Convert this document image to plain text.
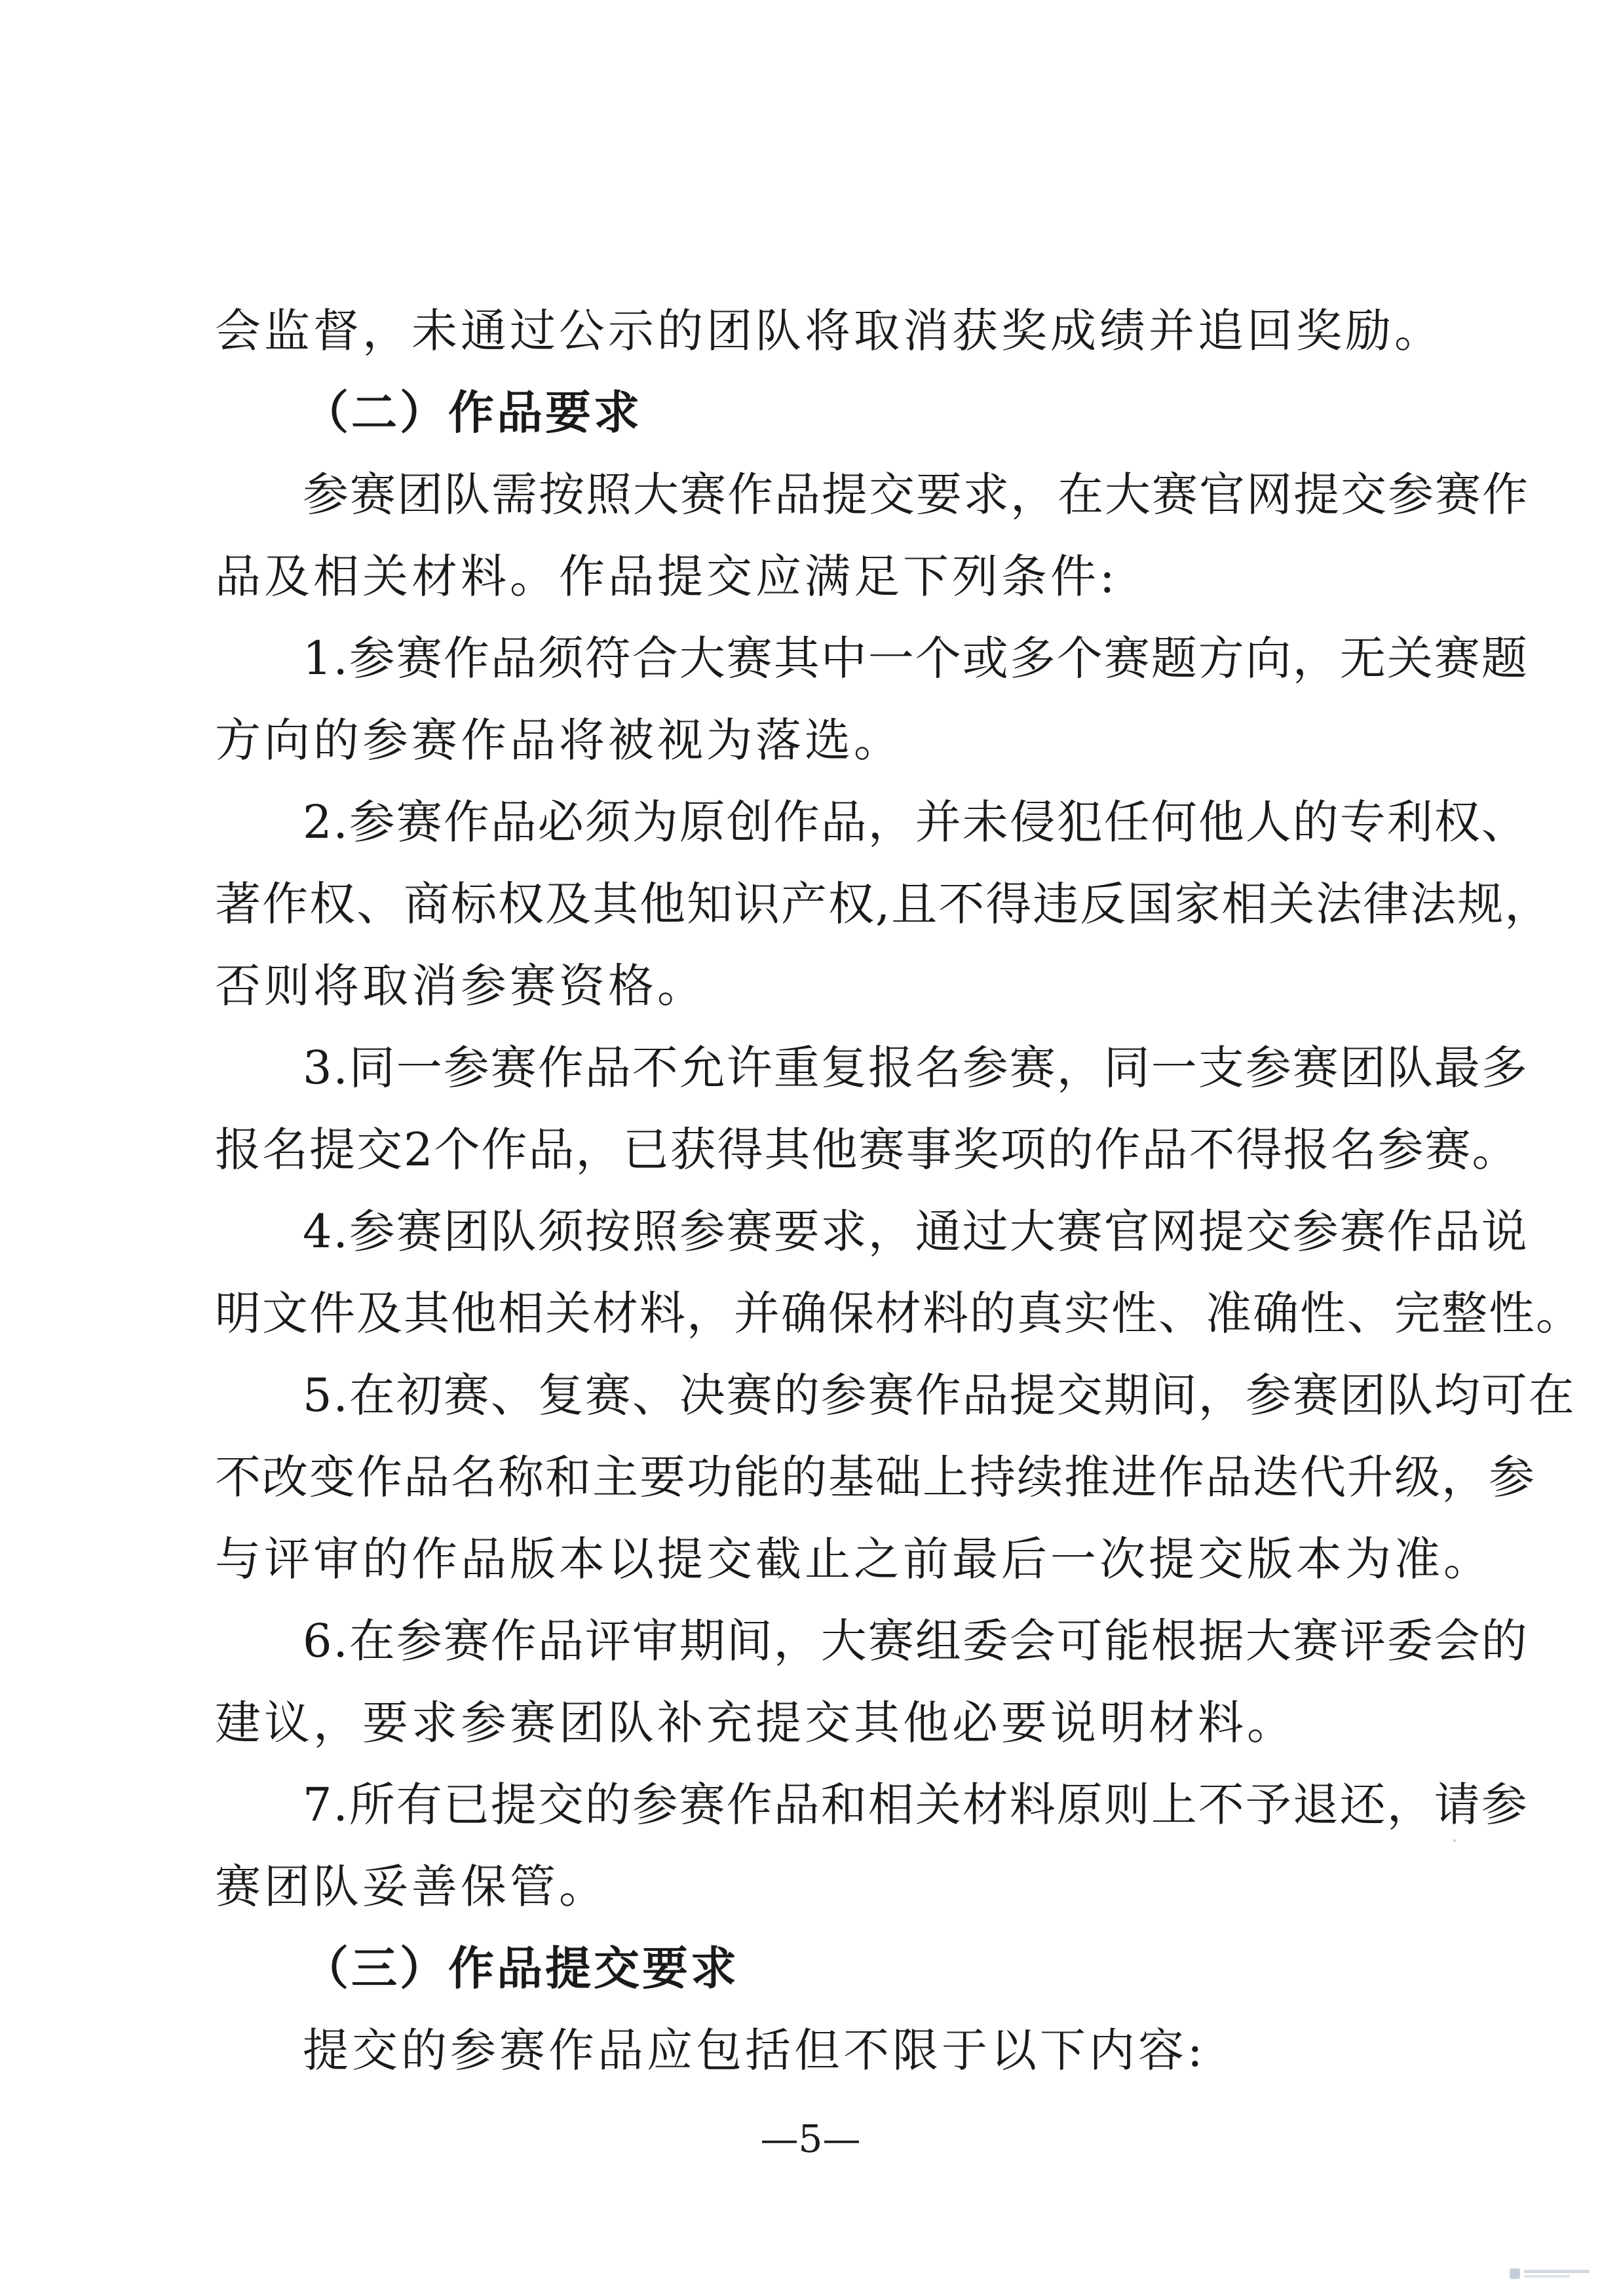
会监督，未通过公示的团队将取消获奖成绩并追回奖励。
（二）作品要求
参赛团队需按照大赛作品提交要求，在大赛官网提交参赛作
品及相关材料。作品提交应满足下列条件:
1.参赛作品须符合大赛其中一个或多个赛题方向，无关赛题
方向的参赛作品将被视为落选。
2.参赛作品必须为原创作品，并未侵犯任何他人的专利权、
著作权、商标权及其他知识产权,且不得违反国家相关法律法规，
否则将取消参赛资格。
3.同一参赛作品不允许重复报名参赛，同一支参赛团队最多
报名提交2个作品，已获得其他赛事奖项的作品不得报名参赛。
4.参赛团队须按照参赛要求，通过大赛官网提交参赛作品说
明文件及其他相关材料，并确保材料的真实性、准确性、完整性。
5.在初赛、复赛、决赛的参赛作品提交期间，参赛团队均可在
不改变作品名称和主要功能的基础上持续推进作品迭代升级，参
与评审的作品版本以提交截止之前最后一次提交版本为准。
6.在参赛作品评审期间，大赛组委会可能根据大赛评委会的
建议，要求参赛团队补充提交其他必要说明材料。
7.所有已提交的参赛作品和相关材料原则上不予退还，请参
赛团队妥善保管。
（三）作品提交要求
提交的参赛作品应包括但不限于以下内容:
—5—
